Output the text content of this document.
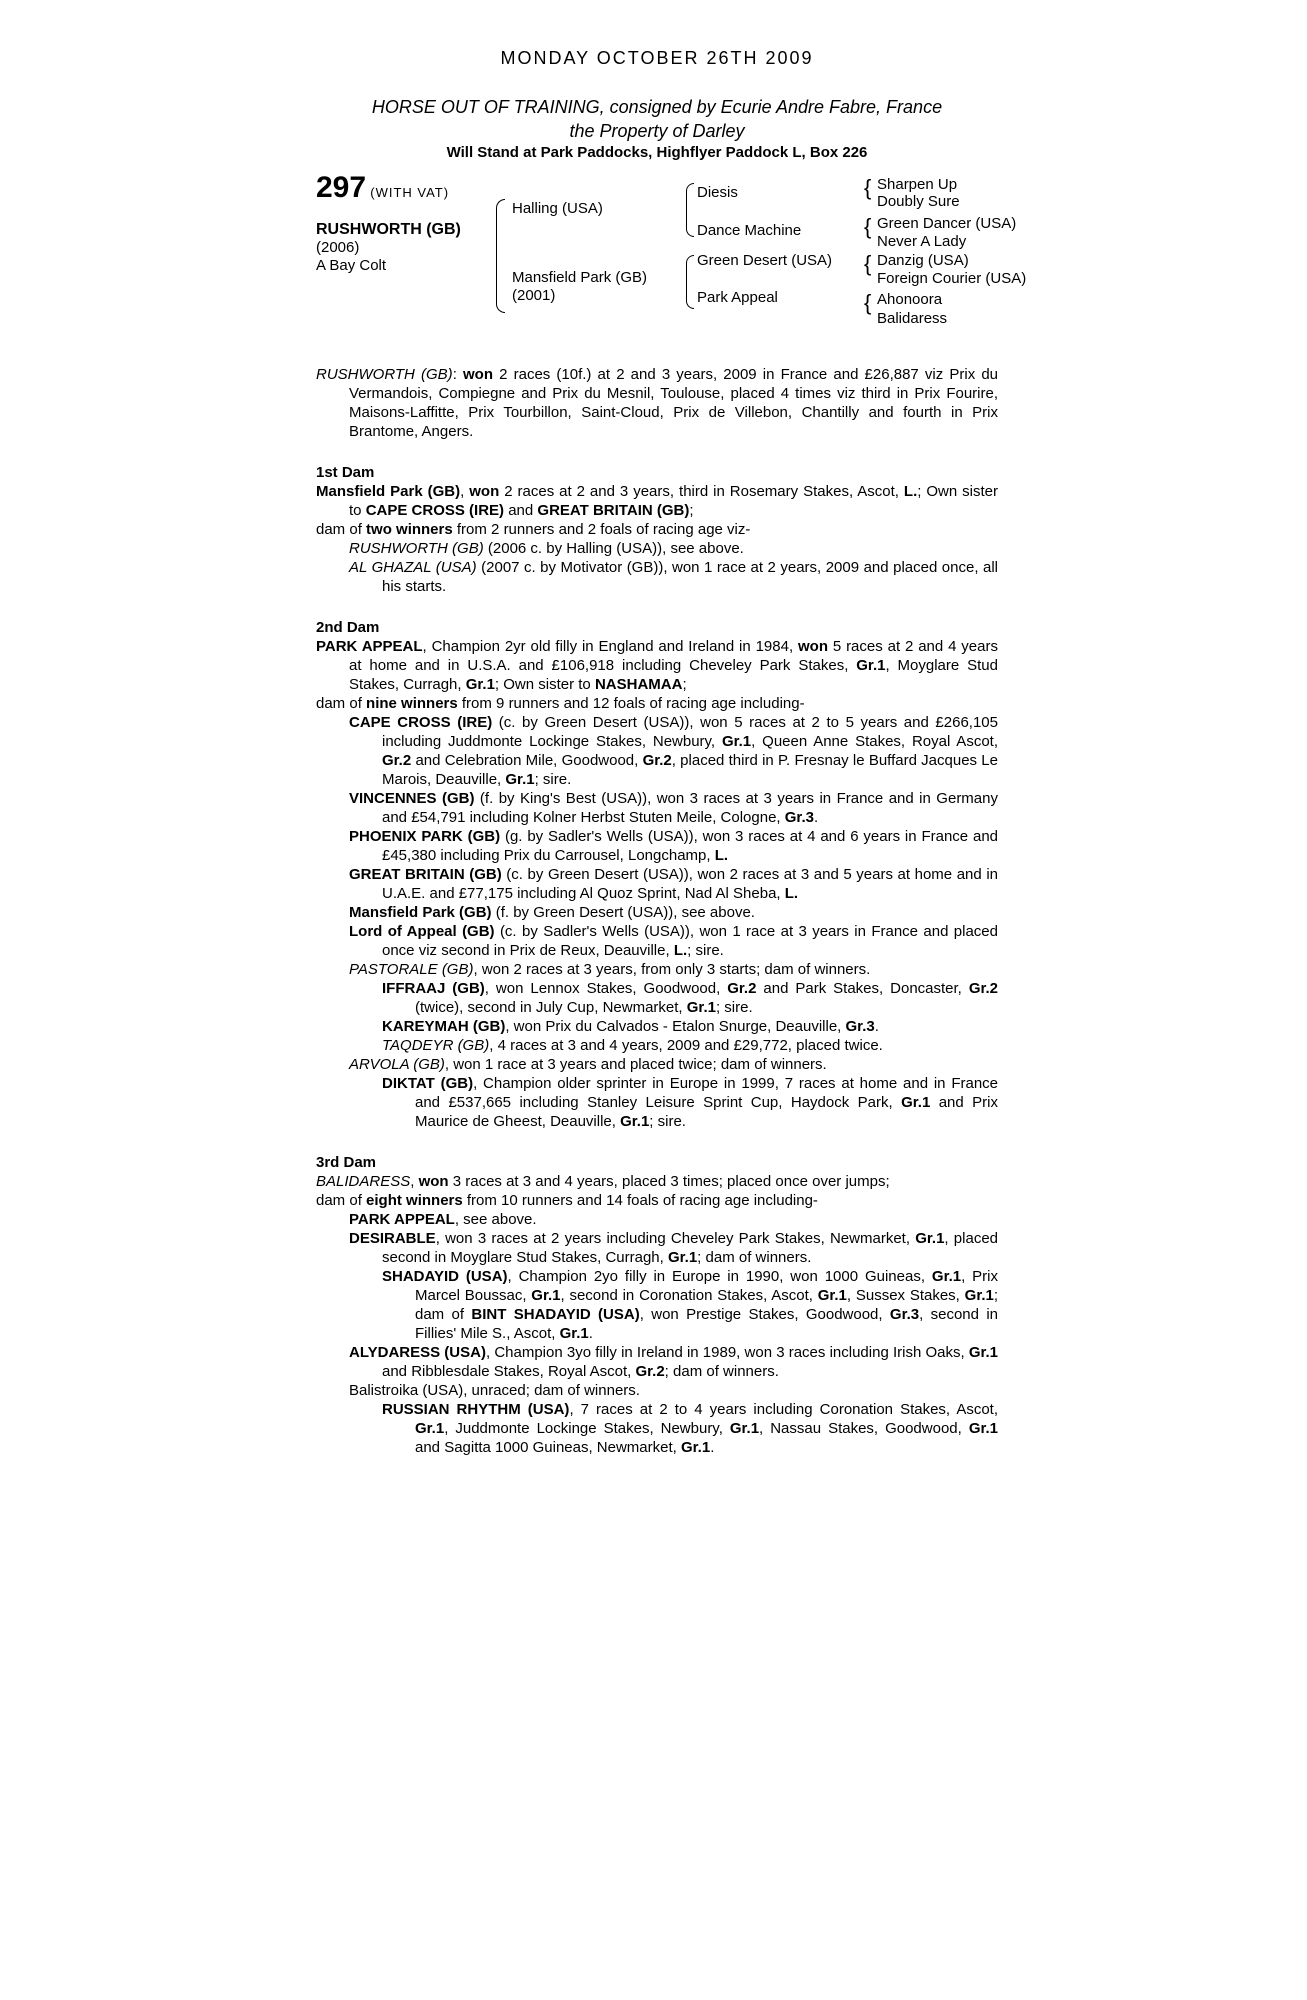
MONDAY OCTOBER 26TH 2009
HORSE OUT OF TRAINING, consigned by Ecurie Andre Fabre, France
the Property of Darley
Will Stand at Park Paddocks, Highflyer Paddock L, Box 226
297 (WITH VAT)
RUSHWORTH (GB)
(2006)
A Bay Colt
Halling (USA)
Mansfield Park (GB)
(2001)
Diesis
Dance Machine
Green Desert (USA)
Park Appeal
{ Sharpen Up
Doubly Sure
{ Green Dancer (USA)
Never A Lady
{ Danzig (USA)
Foreign Courier (USA)
{ Ahonoora
Balidaress

RUSHWORTH (GB): won 2 races (10f.) at 2 and 3 years, 2009 in France and £26,887 viz Prix du Vermandois, Compiegne and Prix du Mesnil, Toulouse, placed 4 times viz third in Prix Fourire, Maisons-Laffitte, Prix Tourbillon, Saint-Cloud, Prix de Villebon, Chantilly and fourth in Prix Brantome, Angers.

1st Dam

Mansfield Park (GB), won 2 races at 2 and 3 years, third in Rosemary Stakes, Ascot, L.; Own sister to CAPE CROSS (IRE) and GREAT BRITAIN (GB);

dam of two winners from 2 runners and 2 foals of racing age viz-

RUSHWORTH (GB) (2006 c. by Halling (USA)), see above.

AL GHAZAL (USA) (2007 c. by Motivator (GB)), won 1 race at 2 years, 2009 and placed once, all his starts.

2nd Dam

PARK APPEAL, Champion 2yr old filly in England and Ireland in 1984, won 5 races at 2 and 4 years at home and in U.S.A. and £106,918 including Cheveley Park Stakes, Gr.1, Moyglare Stud Stakes, Curragh, Gr.1; Own sister to NASHAMAA;

dam of nine winners from 9 runners and 12 foals of racing age including-

CAPE CROSS (IRE) (c. by Green Desert (USA)), won 5 races at 2 to 5 years and £266,105 including Juddmonte Lockinge Stakes, Newbury, Gr.1, Queen Anne Stakes, Royal Ascot, Gr.2 and Celebration Mile, Goodwood, Gr.2, placed third in P. Fresnay le Buffard Jacques Le Marois, Deauville, Gr.1; sire.

VINCENNES (GB) (f. by King's Best (USA)), won 3 races at 3 years in France and in Germany and £54,791 including Kolner Herbst Stuten Meile, Cologne, Gr.3.

PHOENIX PARK (GB) (g. by Sadler's Wells (USA)), won 3 races at 4 and 6 years in France and £45,380 including Prix du Carrousel, Longchamp, L.

GREAT BRITAIN (GB) (c. by Green Desert (USA)), won 2 races at 3 and 5 years at home and in U.A.E. and £77,175 including Al Quoz Sprint, Nad Al Sheba, L.

Mansfield Park (GB) (f. by Green Desert (USA)), see above.

Lord of Appeal (GB) (c. by Sadler's Wells (USA)), won 1 race at 3 years in France and placed once viz second in Prix de Reux, Deauville, L.; sire.

PASTORALE (GB), won 2 races at 3 years, from only 3 starts; dam of winners.

IFFRAAJ (GB), won Lennox Stakes, Goodwood, Gr.2 and Park Stakes, Doncaster, Gr.2 (twice), second in July Cup, Newmarket, Gr.1; sire.

KAREYMAH (GB), won Prix du Calvados - Etalon Snurge, Deauville, Gr.3.

TAQDEYR (GB), 4 races at 3 and 4 years, 2009 and £29,772, placed twice.

ARVOLA (GB), won 1 race at 3 years and placed twice; dam of winners.

DIKTAT (GB), Champion older sprinter in Europe in 1999, 7 races at home and in France and £537,665 including Stanley Leisure Sprint Cup, Haydock Park, Gr.1 and Prix Maurice de Gheest, Deauville, Gr.1; sire.

3rd Dam

BALIDARESS, won 3 races at 3 and 4 years, placed 3 times; placed once over jumps;

dam of eight winners from 10 runners and 14 foals of racing age including-

PARK APPEAL, see above.

DESIRABLE, won 3 races at 2 years including Cheveley Park Stakes, Newmarket, Gr.1, placed second in Moyglare Stud Stakes, Curragh, Gr.1; dam of winners.

SHADAYID (USA), Champion 2yo filly in Europe in 1990, won 1000 Guineas, Gr.1, Prix Marcel Boussac, Gr.1, second in Coronation Stakes, Ascot, Gr.1, Sussex Stakes, Gr.1; dam of BINT SHADAYID (USA), won Prestige Stakes, Goodwood, Gr.3, second in Fillies' Mile S., Ascot, Gr.1.

ALYDARESS (USA), Champion 3yo filly in Ireland in 1989, won 3 races including Irish Oaks, Gr.1 and Ribblesdale Stakes, Royal Ascot, Gr.2; dam of winners.

Balistroika (USA), unraced; dam of winners.

RUSSIAN RHYTHM (USA), 7 races at 2 to 4 years including Coronation Stakes, Ascot, Gr.1, Juddmonte Lockinge Stakes, Newbury, Gr.1, Nassau Stakes, Goodwood, Gr.1 and Sagitta 1000 Guineas, Newmarket, Gr.1.
